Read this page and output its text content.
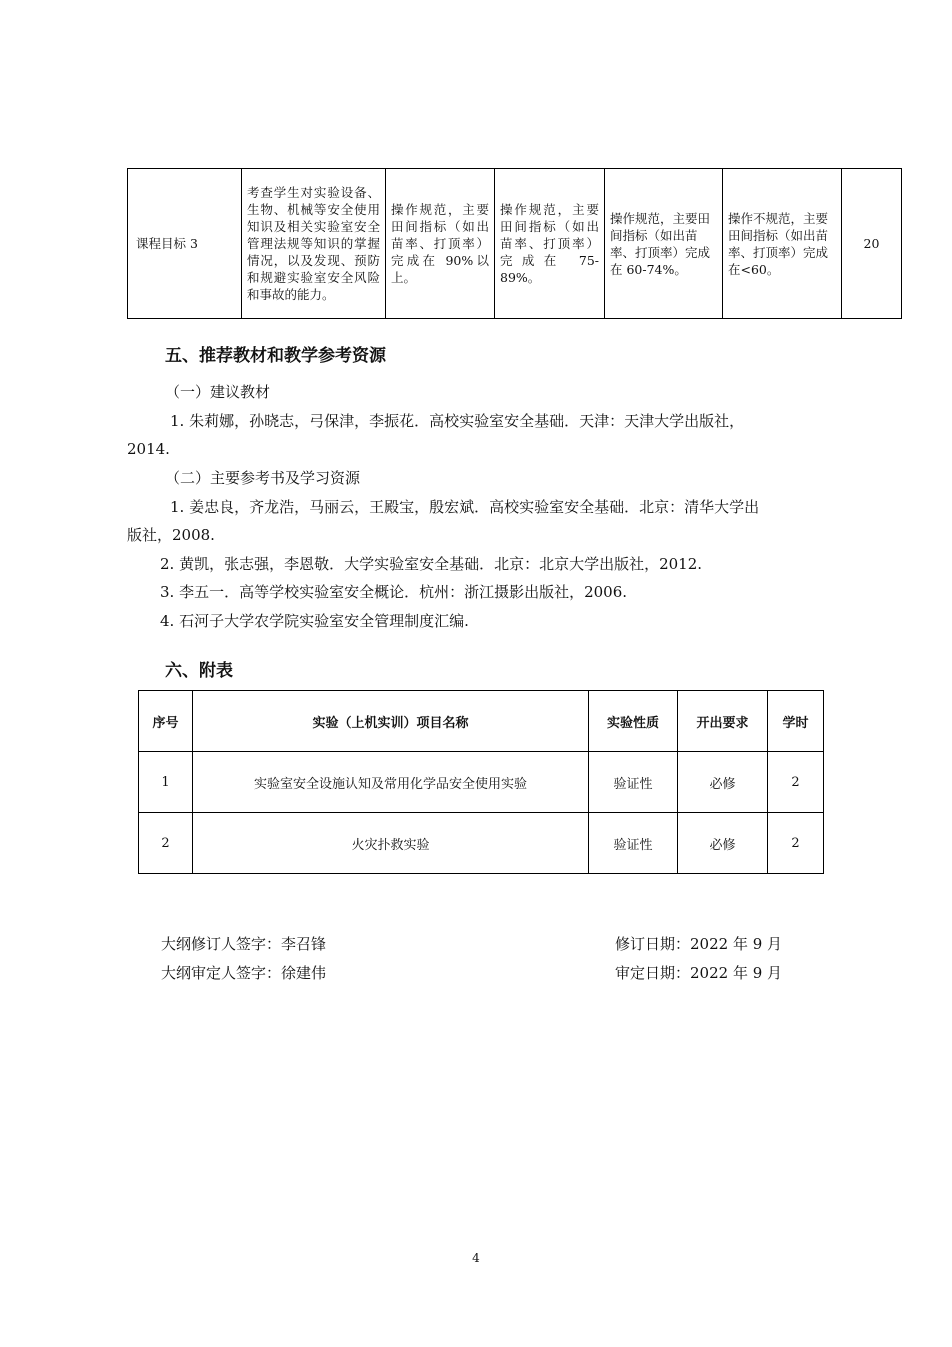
课程目标 3	考查学生对实验设备、生物、机械等安全使用知识及相关实验室安全管理法规等知识的掌握情况，以及发现、预防和规避实验室安全风险和事故的能力。	操作规范，主要田间指标（如出苗率、打顶率）完成在 90%以上。	操作规范，主要田间指标（如出苗率、打顶率）完成在 75-89%。	操作规范，主要田间指标（如出苗率、打顶率）完成在 60-74%。	操作不规范，主要田间指标（如出苗率、打顶率）完成在<60。	20
五、推荐教材和教学参考资源
（一）建议教材
1. 朱莉娜，孙晓志，弓保津，李振花．高校实验室安全基础．天津：天津大学出版社，
2014.
（二）主要参考书及学习资源
1. 姜忠良，齐龙浩，马丽云，王殿宝，殷宏斌．高校实验室安全基础．北京：清华大学出
版社，2008.
2. 黄凯，张志强，李恩敬．大学实验室安全基础．北京：北京大学出版社，2012.
3. 李五一．高等学校实验室安全概论．杭州：浙江摄影出版社，2006.
4. 石河子大学农学院实验室安全管理制度汇编.
六、附表
序号	实验（上机实训）项目名称	实验性质	开出要求	学时
1	实验室安全设施认知及常用化学品安全使用实验	验证性	必修	2
2	火灾扑救实验	验证性	必修	2
大纲修订人签字：李召锋	修订日期：2022 年 9 月
大纲审定人签字：徐建伟	审定日期：2022 年 9 月
4
